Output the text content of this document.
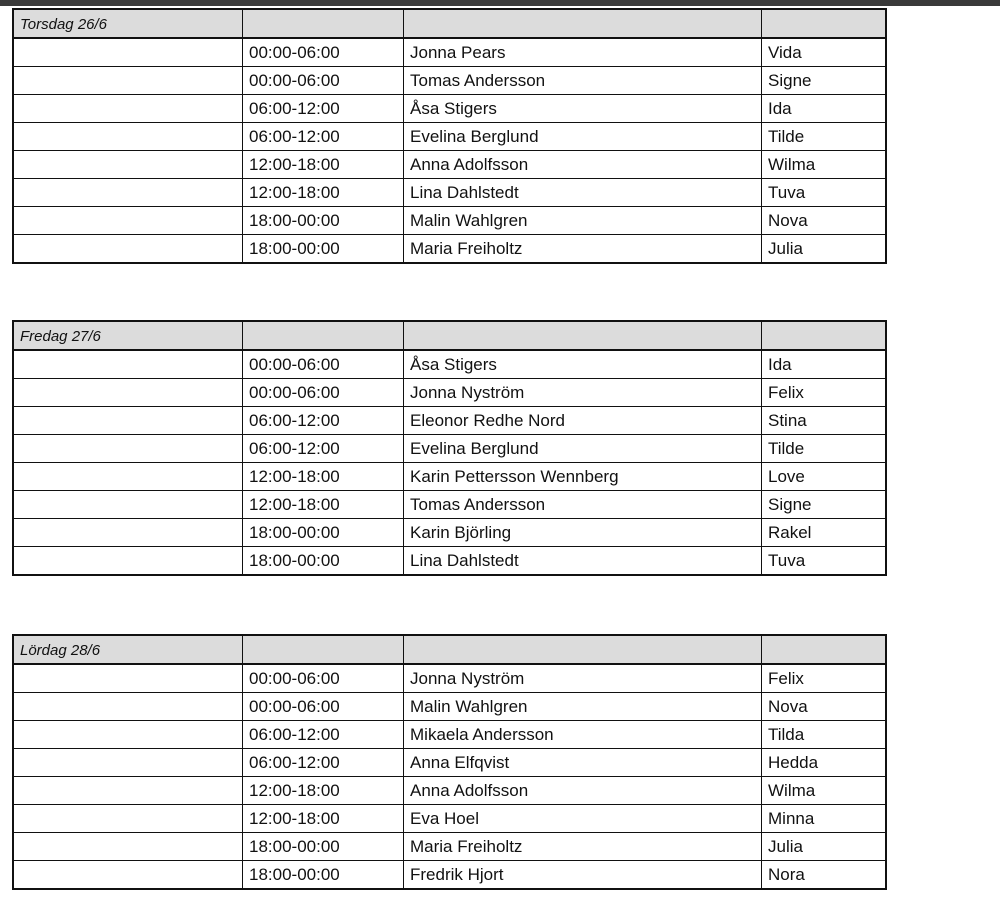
Torsdag 26/6			
	00:00-06:00	Jonna Pears	Vida
	00:00-06:00	Tomas Andersson	Signe
	06:00-12:00	Åsa Stigers	Ida
	06:00-12:00	Evelina Berglund	Tilde
	12:00-18:00	Anna Adolfsson	Wilma
	12:00-18:00	Lina Dahlstedt	Tuva
	18:00-00:00	Malin Wahlgren	Nova
	18:00-00:00	Maria Freiholtz	Julia
Fredag 27/6			
	00:00-06:00	Åsa Stigers	Ida
	00:00-06:00	Jonna Nyström	Felix
	06:00-12:00	Eleonor Redhe Nord	Stina
	06:00-12:00	Evelina Berglund	Tilde
	12:00-18:00	Karin Pettersson Wennberg	Love
	12:00-18:00	Tomas Andersson	Signe
	18:00-00:00	Karin Björling	Rakel
	18:00-00:00	Lina Dahlstedt	Tuva
Lördag 28/6			
	00:00-06:00	Jonna Nyström	Felix
	00:00-06:00	Malin Wahlgren	Nova
	06:00-12:00	Mikaela Andersson	Tilda
	06:00-12:00	Anna Elfqvist	Hedda
	12:00-18:00	Anna Adolfsson	Wilma
	12:00-18:00	Eva Hoel	Minna
	18:00-00:00	Maria Freiholtz	Julia
	18:00-00:00	Fredrik Hjort	Nora
